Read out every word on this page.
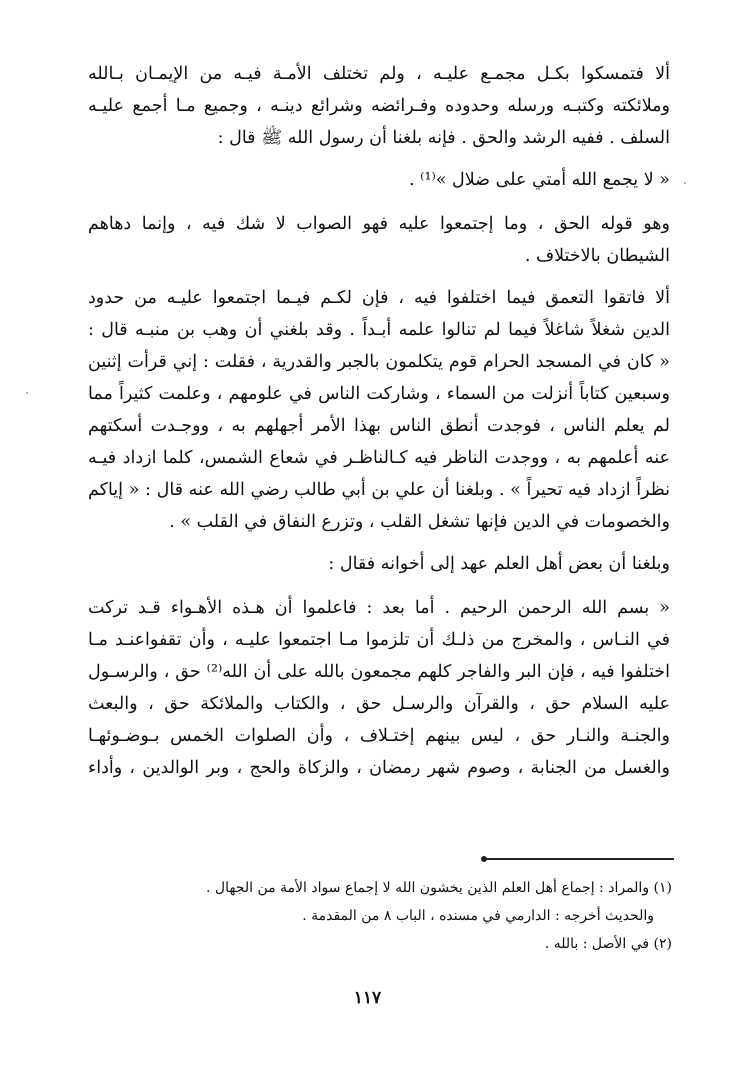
ألا فتمسكوا بكـل مجمـع عليـه ، ولم تختلف الأمـة فيـه من الإيمـان بـالله
وملائكته وكتبـه ورسله وحدوده وفـرائضه وشرائع دينـه ، وجميع مـا أجمع عليـه
السلف . ففيه الرشد والحق . فإنه بلغنا أن رسول الله ﷺ قال :
« لا يجمع الله أمتي على ضلال »⁽¹⁾ .
وهو قوله الحق ، وما إجتمعوا عليه فهو الصواب لا شك فيه ، وإنما دهاهم
الشيطان بالاختلاف .
ألا فاتقوا التعمق فيما اختلفوا فيه ، فإن لكـم فيـما اجتمعوا عليـه من حدود
الدين شغلاً شاغلاً فيما لم تنالوا علمه أبـداً . وقد بلغني أن وهب بن منبـه قال :
« كان في المسجد الحرام قوم يتكلمون بالجبر والقدرية ، فقلت : إني قرأت إثنين
وسبعين كتاباً أنزلت من السماء ، وشاركت الناس في علومهم ، وعلمت كثيراً مما
لم يعلم الناس ، فوجدت أنطق الناس بهذا الأمر أجهلهم به ، ووجـدت أسكتهم
عنه أعلمهم به ، ووجدت الناظر فيه كـالناظـر في شعاع الشمس، كلما ازداد فيـه
نظراً ازداد فيه تحيراً » . وبلغنا أن علي بن أبي طالب رضي الله عنه قال : « إياكم
والخصومات في الدين فإنها تشغل القلب ، وتزرع النفاق في القلب » .
وبلغنا أن بعض أهل العلم عهد إلى أخوانه فقال :
« بسم الله الرحمن الرحيم . أما بعد : فاعلموا أن هـذه الأهـواء قـد تركت
في النـاس ، والمخرج من ذلـك أن تلزموا مـا اجتمعوا عليـه ، وأن تقفواعنـد مـا
اختلفوا فيه ، فإن البر والفاجر كلهم مجمعون بالله على أن الله⁽²⁾ حق ، والرسـول
عليه السلام حق ، والقرآن والرسـل حق ، والكتاب والملائكة حق ، والبعث
والجنـة والنـار حق ، ليس بينهم إختـلاف ، وأن الصلوات الخمس بـوضـوئهـا
والغسل من الجنابة ، وصوم شهر رمضان ، والزكاة والحج ، وبر الوالدين ، وأداء
(١) والمراد : إجماع أهل العلم الذين يخشون الله لا إجماع سواد الأمة من الجهال .
والحديث أخرجه : الدارمي في مسنده ، الباب ٨ من المقدمة .
(٢) في الأصل : بالله .
١١٧
